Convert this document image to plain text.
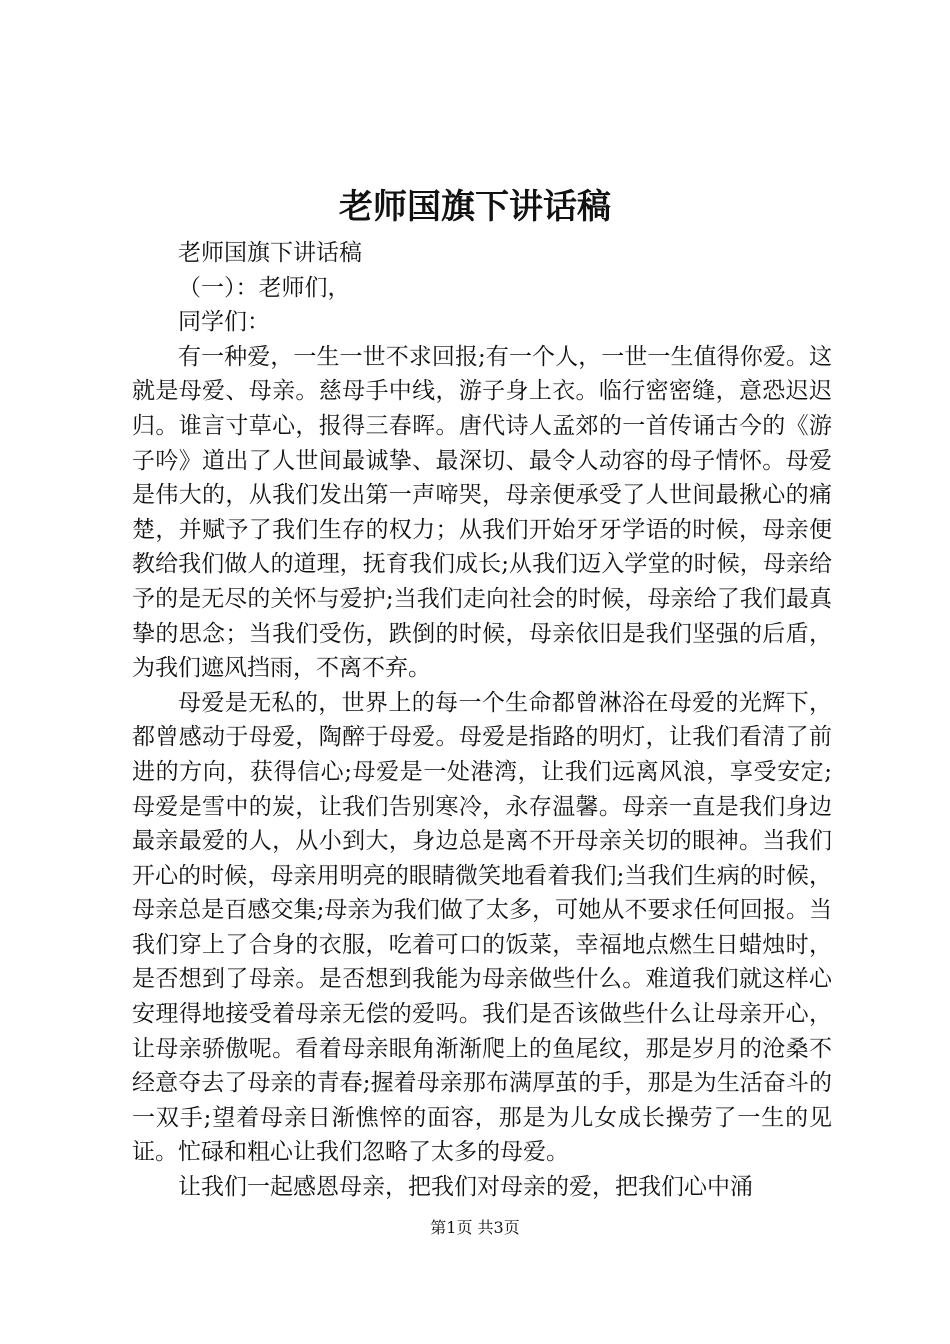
老师国旗下讲话稿

老师国旗下讲话稿

（一）：老师们，

同学们：

有一种爱，一生一世不求回报;有一个人，一世一生值得你爱。这就是母爱、母亲。慈母手中线，游子身上衣。临行密密缝，意恐迟迟归。谁言寸草心，报得三春晖。唐代诗人孟郊的一首传诵古今的《游子吟》道出了人世间最诚挚、最深切、最令人动容的母子情怀。母爱是伟大的，从我们发出第一声啼哭，母亲便承受了人世间最揪心的痛楚，并赋予了我们生存的权力；从我们开始牙牙学语的时候，母亲便教给我们做人的道理，抚育我们成长;从我们迈入学堂的时候，母亲给予的是无尽的关怀与爱护;当我们走向社会的时候，母亲给了我们最真挚的思念；当我们受伤，跌倒的时候，母亲依旧是我们坚强的后盾，为我们遮风挡雨，不离不弃。

母爱是无私的，世界上的每一个生命都曾淋浴在母爱的光辉下，都曾感动于母爱，陶醉于母爱。母爱是指路的明灯，让我们看清了前进的方向，获得信心;母爱是一处港湾，让我们远离风浪，享受安定;母爱是雪中的炭，让我们告别寒冷，永存温馨。母亲一直是我们身边最亲最爱的人，从小到大，身边总是离不开母亲关切的眼神。当我们开心的时候，母亲用明亮的眼睛微笑地看着我们;当我们生病的时候，母亲总是百感交集;母亲为我们做了太多，可她从不要求任何回报。当我们穿上了合身的衣服，吃着可口的饭菜，幸福地点燃生日蜡烛时，是否想到了母亲。是否想到我能为母亲做些什么。难道我们就这样心安理得地接受着母亲无偿的爱吗。我们是否该做些什么让母亲开心，让母亲骄傲呢。看着母亲眼角渐渐爬上的鱼尾纹，那是岁月的沧桑不经意夺去了母亲的青春;握着母亲那布满厚茧的手，那是为生活奋斗的一双手;望着母亲日渐憔悴的面容，那是为儿女成长操劳了一生的见证。忙碌和粗心让我们忽略了太多的母爱。

让我们一起感恩母亲，把我们对母亲的爱，把我们心中涌

第1页 共3页
